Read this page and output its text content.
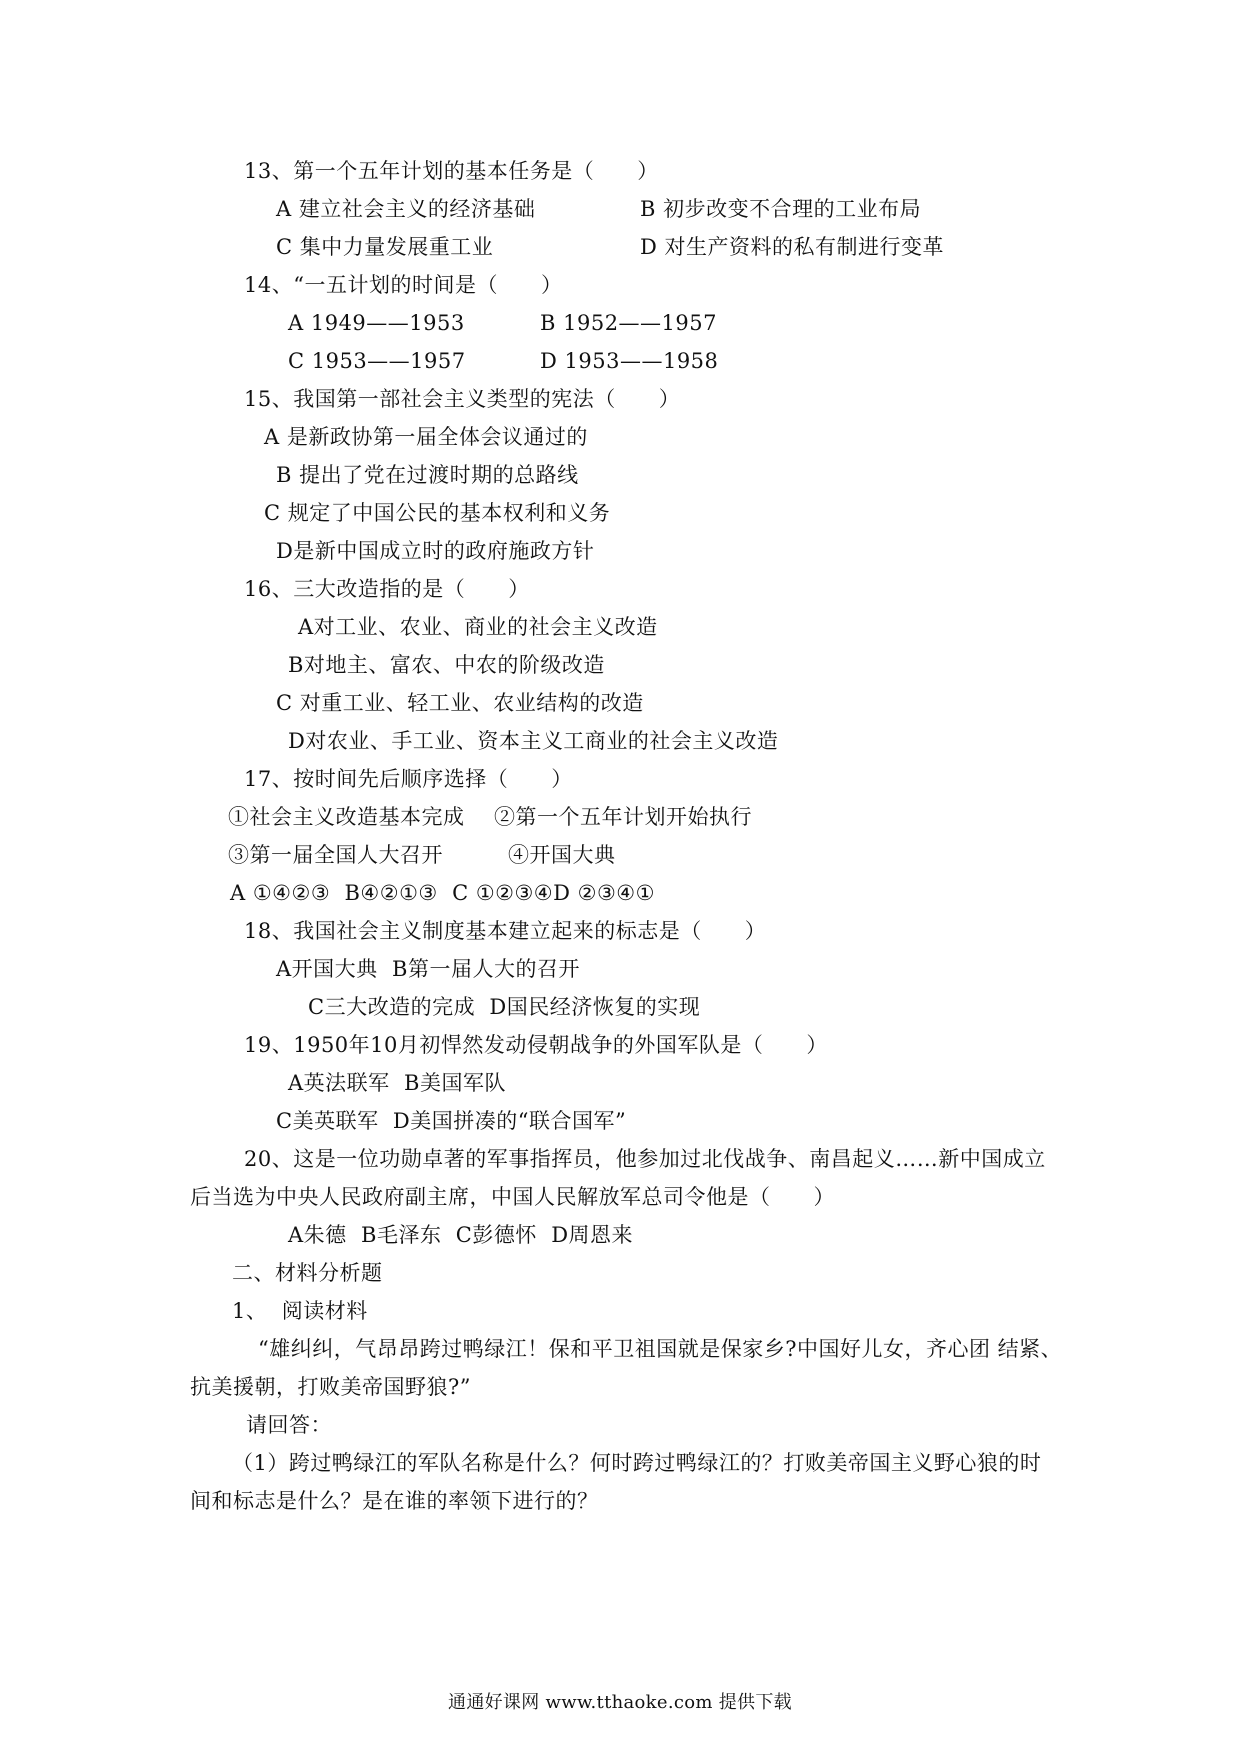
13、第一个五年计划的基本任务是（　　）
A 建立社会主义的经济基础	B 初步改变不合理的工业布局
C 集中力量发展重工业	D 对生产资料的私有制进行变革
14、“一五计划的时间是（　　）
A 1949——1953	B 1952——1957
C 1953——1957	D 1953——1958
15、我国第一部社会主义类型的宪法（　　）
A 是新政协第一届全体会议通过的
B 提出了党在过渡时期的总路线
C 规定了中国公民的基本权利和义务
D是新中国成立时的政府施政方针
16、三大改造指的是（　　）
A对工业、农业、商业的社会主义改造
B对地主、富农、中农的阶级改造
C 对重工业、轻工业、农业结构的改造
D对农业、手工业、资本主义工商业的社会主义改造
17、按时间先后顺序选择（　　）
①社会主义改造基本完成 ②第一个五年计划开始执行
③第一届全国人大召开	④开国大典
A ①④②③  B④②①③  C ①②③④D ②③④①
18、我国社会主义制度基本建立起来的标志是（　　）
A开国大典  B第一届人大的召开
C三大改造的完成  D国民经济恢复的实现
19、1950年10月初悍然发动侵朝战争的外国军队是（　　）
A英法联军  B美国军队
C美英联军  D美国拼凑的“联合国军”
20、这是一位功勋卓著的军事指挥员，他参加过北伐战争、南昌起义……新中国成立
后当选为中央人民政府副主席，中国人民解放军总司令他是（　　）
A朱德  B毛泽东  C彭德怀  D周恩来
二、材料分析题
1、  阅读材料
“雄纠纠，气昂昂跨过鸭绿江！保和平卫祖国就是保家乡?中国好儿女，齐心团 结紧、
抗美援朝，打败美帝国野狼?”
请回答：
（1）跨过鸭绿江的军队名称是什么？何时跨过鸭绿江的？打败美帝国主义野心狼的时
间和标志是什么？是在谁的率领下进行的？
通通好课网 www.tthaoke.com 提供下载
